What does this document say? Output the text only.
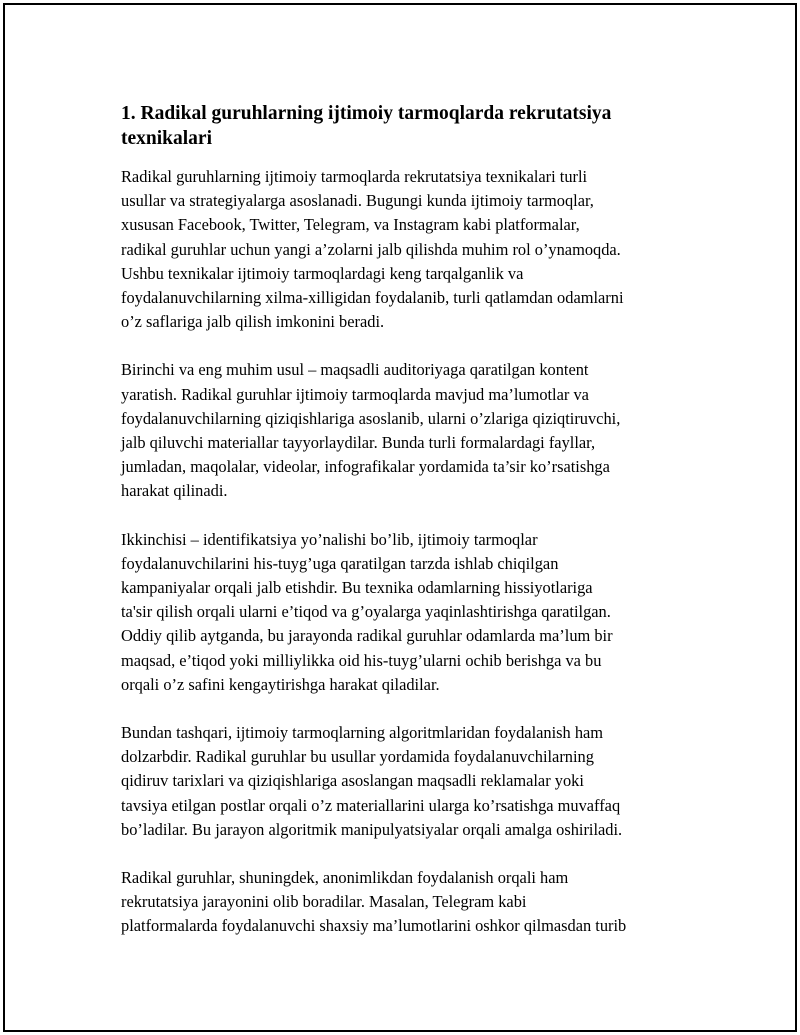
1. Radikal guruhlarning ijtimoiy tarmoqlarda rekrutatsiya
texnikalari

Radikal guruhlarning ijtimoiy tarmoqlarda rekrutatsiya texnikalari turli
usullar va strategiyalarga asoslanadi. Bugungi kunda ijtimoiy tarmoqlar,
xususan Facebook, Twitter, Telegram, va Instagram kabi platformalar,
radikal guruhlar uchun yangi a’zolarni jalb qilishda muhim rol o’ynamoqda.
Ushbu texnikalar ijtimoiy tarmoqlardagi keng tarqalganlik va
foydalanuvchilarning xilma-xilligidan foydalanib, turli qatlamdan odamlarni
o’z saflariga jalb qilish imkonini beradi.

Birinchi va eng muhim usul – maqsadli auditoriyaga qaratilgan kontent
yaratish. Radikal guruhlar ijtimoiy tarmoqlarda mavjud ma’lumotlar va
foydalanuvchilarning qiziqishlariga asoslanib, ularni o’zlariga qiziqtiruvchi,
jalb qiluvchi materiallar tayyorlaydilar. Bunda turli formalardagi fayllar,
jumladan, maqolalar, videolar, infografikalar yordamida ta’sir ko’rsatishga
harakat qilinadi.

Ikkinchisi – identifikatsiya yo’nalishi bo’lib, ijtimoiy tarmoqlar
foydalanuvchilarini his-tuyg’uga qaratilgan tarzda ishlab chiqilgan
kampaniyalar orqali jalb etishdir. Bu texnika odamlarning hissiyotlariga
ta'sir qilish orqali ularni e’tiqod va g’oyalarga yaqinlashtirishga qaratilgan.
Oddiy qilib aytganda, bu jarayonda radikal guruhlar odamlarda ma’lum bir
maqsad, e’tiqod yoki milliylikka oid his-tuyg’ularni ochib berishga va bu
orqali o’z safini kengaytirishga harakat qiladilar.

Bundan tashqari, ijtimoiy tarmoqlarning algoritmlaridan foydalanish ham
dolzarbdir. Radikal guruhlar bu usullar yordamida foydalanuvchilarning
qidiruv tarixlari va qiziqishlariga asoslangan maqsadli reklamalar yoki
tavsiya etilgan postlar orqali o’z materiallarini ularga ko’rsatishga muvaffaq
bo’ladilar. Bu jarayon algoritmik manipulyatsiyalar orqali amalga oshiriladi.

Radikal guruhlar, shuningdek, anonimlikdan foydalanish orqali ham
rekrutatsiya jarayonini olib boradilar. Masalan, Telegram kabi
platformalarda foydalanuvchi shaxsiy ma’lumotlarini oshkor qilmasdan turib
